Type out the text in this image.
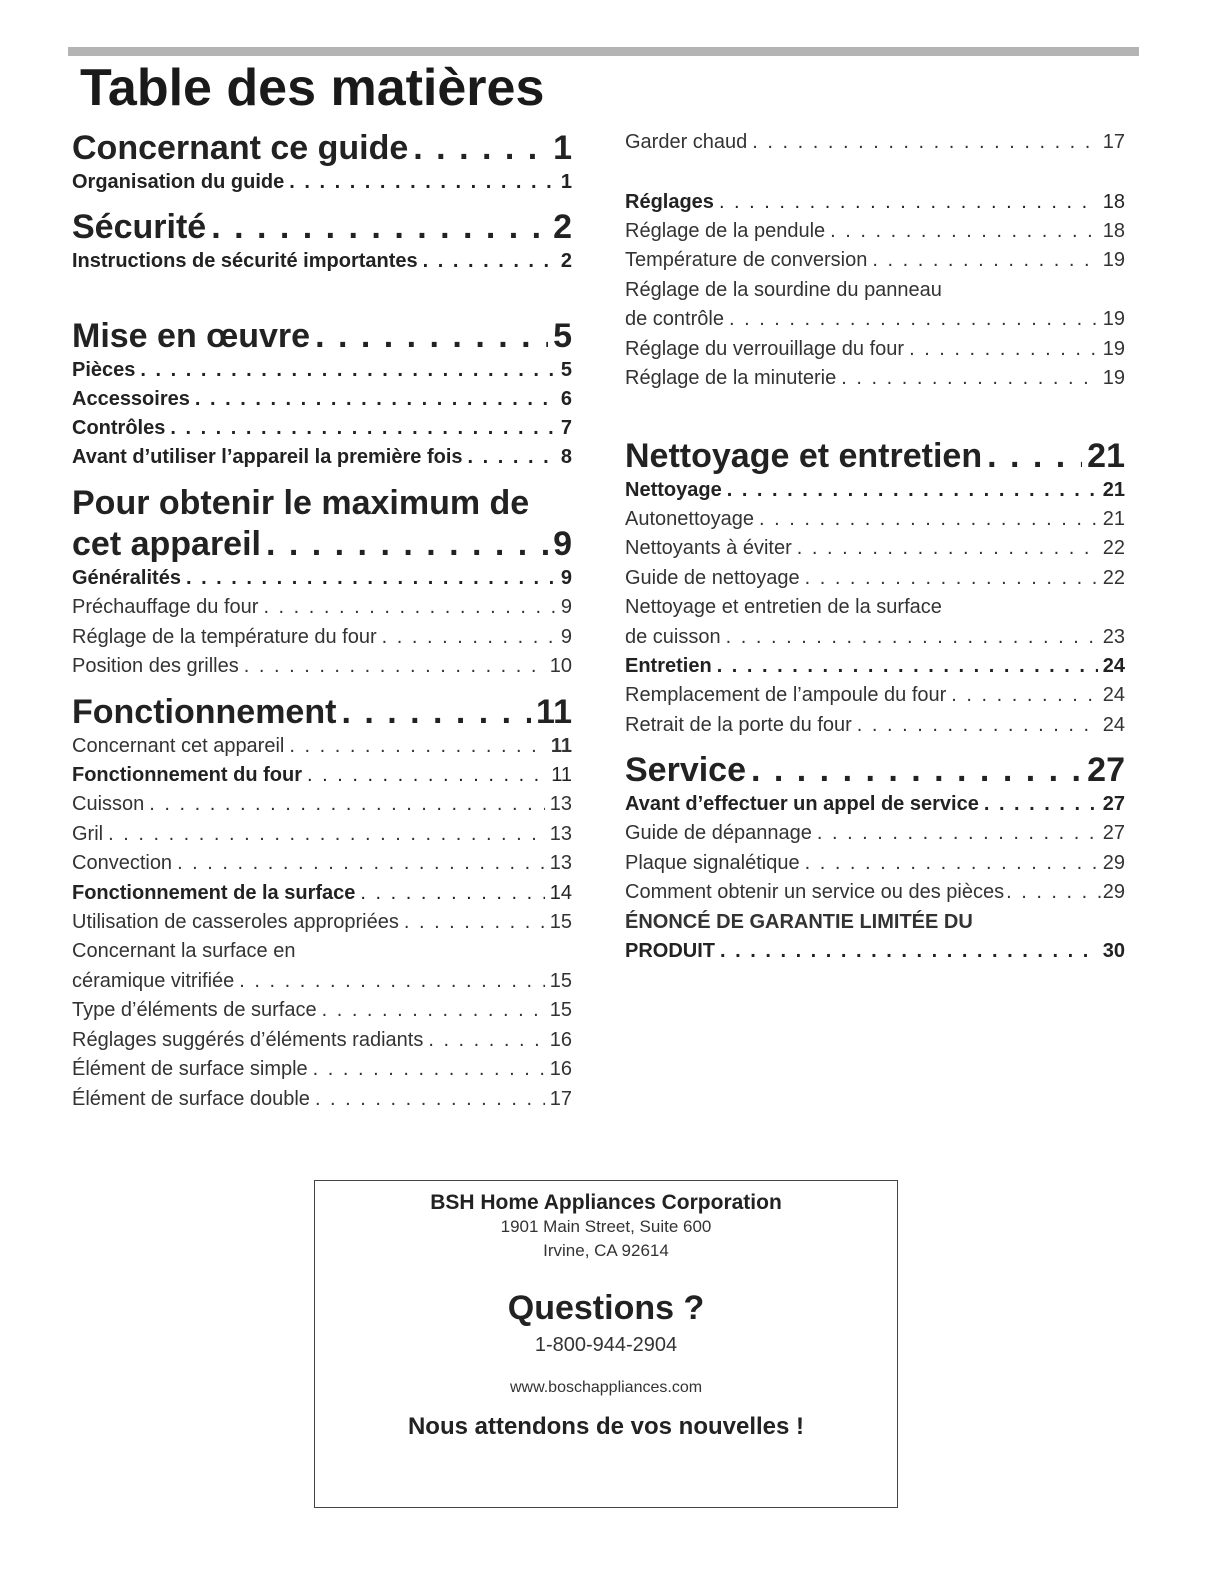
Table des matières
Concernant ce guide . . .	1
Organisation du guide . . .	1
Sécurité . . .	2
Instructions de sécurité importantes . . .	2
Mise en œuvre . . .	5
Pièces . . .	5
Accessoires . . .	6
Contrôles . . .	7
Avant d’utiliser l’appareil la première fois . . .	8
Pour obtenir le maximum de
cet appareil . . .	9
Généralités . . .	9
Préchauffage du four . . .	9
Réglage de la température du four . . .	9
Position des grilles . . .	10
Fonctionnement . . .	11
Concernant cet appareil . . .	11
Fonctionnement du four . . .	11
Cuisson . . .	13
Gril . . .	13
Convection . . .	13
Fonctionnement de la surface . . .	14
Utilisation de casseroles appropriées . . .	15
Concernant la surface en
céramique vitrifiée . . .	15
Type d’éléments de surface . . .	15
Réglages suggérés d’éléments radiants . . .	16
Élément de surface simple . . .	16
Élément de surface double . . .	17
Garder chaud . . .	17
Réglages . . .	18
Réglage de la pendule . . .	18
Température de conversion . . .	19
Réglage de la sourdine du panneau
de contrôle . . .	19
Réglage du verrouillage du four . . .	19
Réglage de la minuterie . . .	19
Nettoyage et entretien . . .	21
Nettoyage . . .	21
Autonettoyage . . .	21
Nettoyants à éviter . . .	22
Guide de nettoyage . . .	22
Nettoyage et entretien de la surface
de cuisson . . .	23
Entretien . . .	24
Remplacement de l’ampoule du four . . .	24
Retrait de la porte du four . . .	24
Service . . .	27
Avant d’effectuer un appel de service . . .	27
Guide de dépannage . . .	27
Plaque signalétique . . .	29
Comment obtenir un service ou des pièces . . .	29
ÉNONCÉ DE GARANTIE LIMITÉE DU
PRODUIT . . .	30
BSH Home Appliances Corporation
1901 Main Street, Suite 600
Irvine, CA 92614
Questions ?
1-800-944-2904
www.boschappliances.com
Nous attendons de vos nouvelles !
